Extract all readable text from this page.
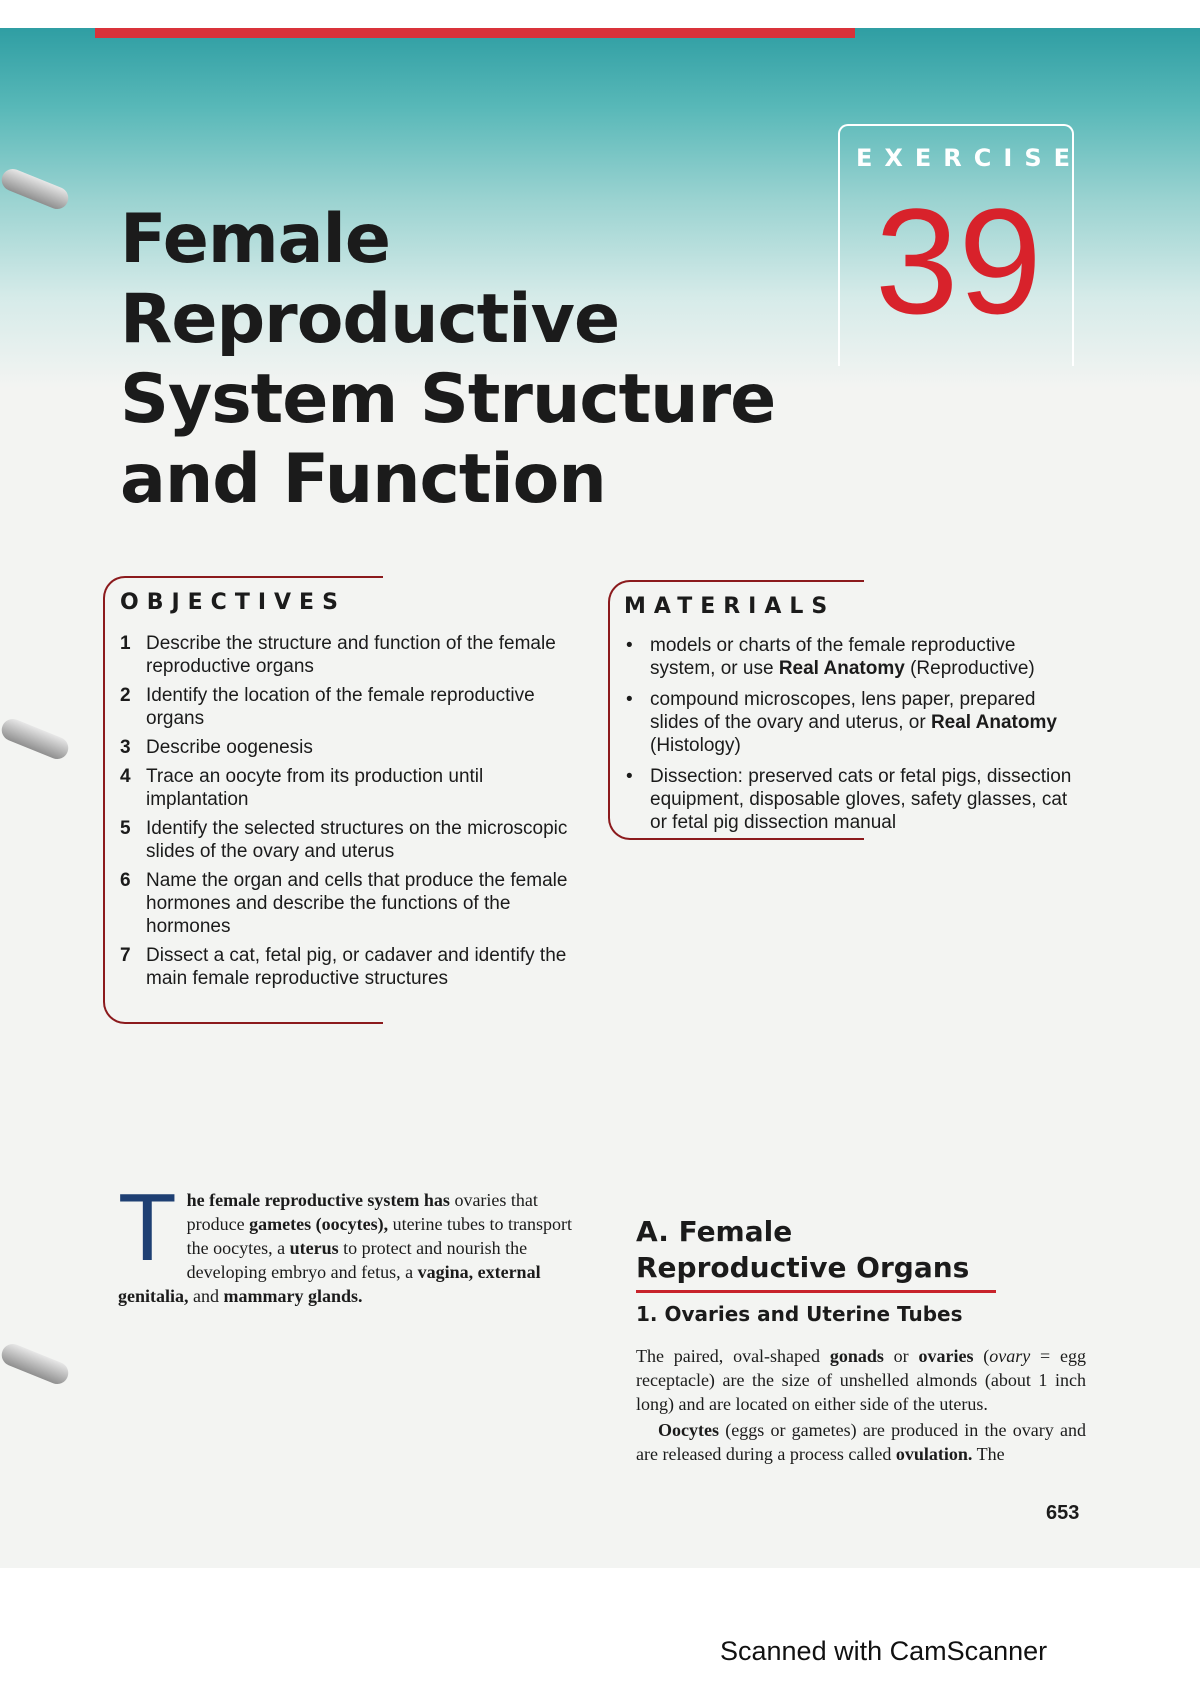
Female
Reproductive
System Structure
and Function
EXERCISE
39
OBJECTIVES
1 Describe the structure and function of the female reproductive organs
2 Identify the location of the female reproductive organs
3 Describe oogenesis
4 Trace an oocyte from its production until implantation
5 Identify the selected structures on the microscopic slides of the ovary and uterus
6 Name the organ and cells that produce the female hormones and describe the functions of the hormones
7 Dissect a cat, fetal pig, or cadaver and identify the main female reproductive structures
MATERIALS
• models or charts of the female reproductive system, or use Real Anatomy (Reproductive)
• compound microscopes, lens paper, prepared slides of the ovary and uterus, or Real Anatomy (Histology)
• Dissection: preserved cats or fetal pigs, dissection equipment, disposable gloves, safety glasses, cat or fetal pig dissection manual
The female reproductive system has ovaries that produce gametes (oocytes), uterine tubes to transport the oocytes, a uterus to protect and nourish the developing embryo and fetus, a vagina, external genitalia, and mammary glands.
A. Female Reproductive Organs
1. Ovaries and Uterine Tubes

The paired, oval-shaped gonads or ovaries (ovary = egg receptacle) are the size of unshelled almonds (about 1 inch long) and are located on either side of the uterus.

Oocytes (eggs or gametes) are produced in the ovary and are released during a process called ovulation. The

653
Scanned with CamScanner
